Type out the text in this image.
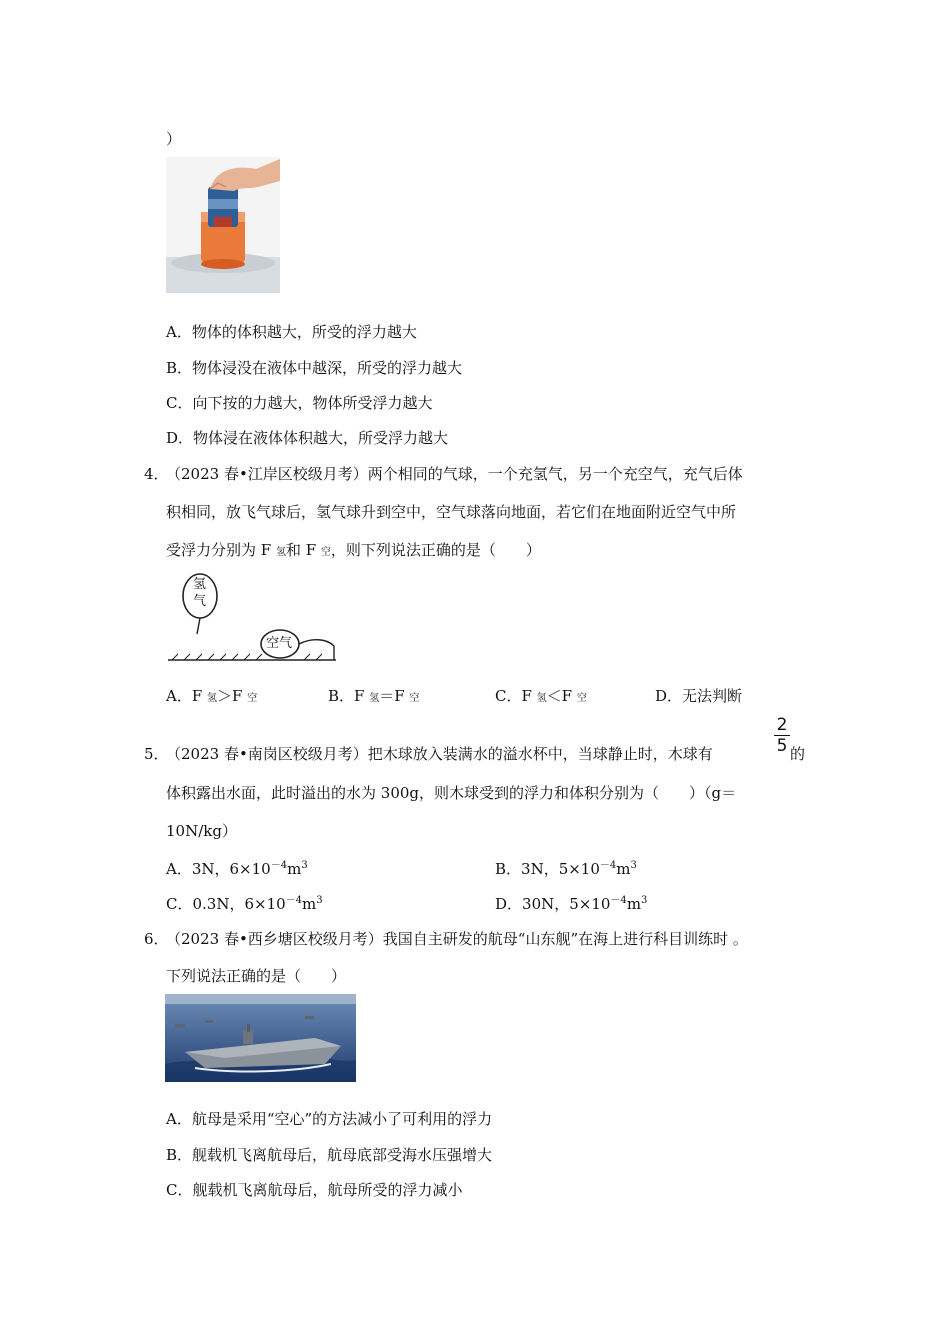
）
A．物体的体积越大，所受的浮力越大
B．物体浸没在液体中越深，所受的浮力越大
C．向下按的力越大，物体所受浮力越大
D．物体浸在液体体积越大，所受浮力越大
4．
（2023 春•江岸区校级月考）两个相同的气球，一个充氢气，另一个充空气，充气后体
积相同，放飞气球后，氢气球升到空中，空气球落向地面，若它们在地面附近空气中所
受浮力分别为 F 氢和 F 空，则下列说法正确的是（　　）
氢
气
空气
A．F 氢＞F 空	B．F 氢＝F 空	C．F 氢＜F 空	D．无法判断
5．
（2023 春•南岗区校级月考）把木球放入装满水的溢水杯中，当球静止时，木球有
2
5 的
体积露出水面，此时溢出的水为 300g，则木球受到的浮力和体积分别为（　　）（g＝
10N/kg）
A．3N，$6\times 10^{-4}m^3$	B．3N，$5\times 10^{-4}m^3$
C．0.3N，$6\times 10^{-4}m^3$	D．30N，$5\times 10^{-4}m^3$
6．
（2023 春•西乡塘区校级月考）我国自主研发的航母“山东舰”在海上进行科目训练时 。
下列说法正确的是（　　）
A．航母是采用“空心”的方法减小了可利用的浮力
B．舰载机飞离航母后，航母底部受海水压强增大
C．舰载机飞离航母后，航母所受的浮力减小
